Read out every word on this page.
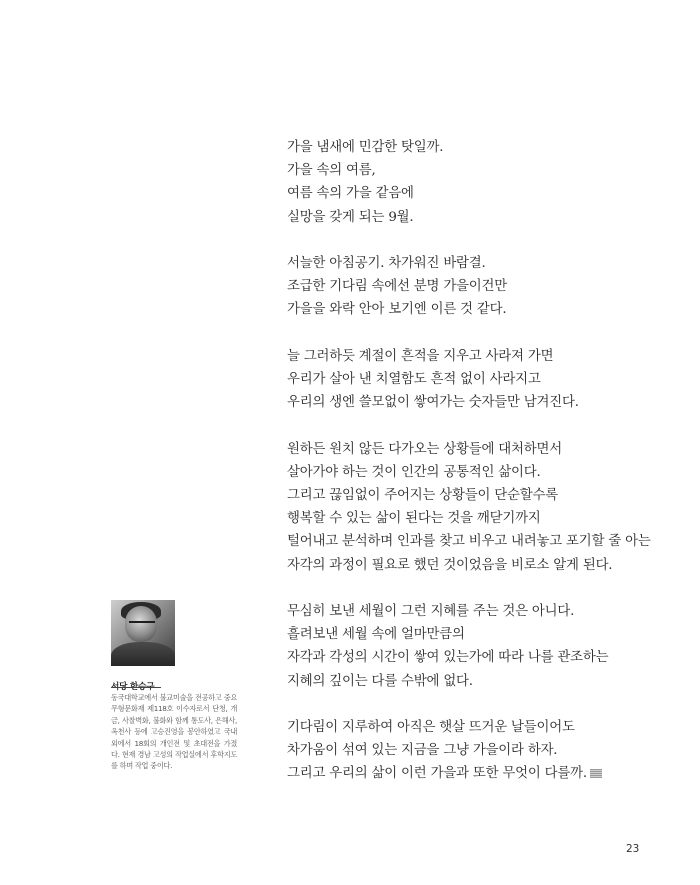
가을 냄새에 민감한 탓일까.
가을 속의 여름,
여름 속의 가을 같음에
실망을 갖게 되는 9월.
서늘한 아침공기. 차가워진 바람결.
조급한 기다림 속에선 분명 가을이건만
가을을 와락 안아 보기엔 이른 것 같다.
늘 그러하듯 계절이 흔적을 지우고 사라져 가면
우리가 살아 낸 치열함도 흔적 없이 사라지고
우리의 생엔 쓸모없이 쌓여가는 숫자들만 남겨진다.
원하든 원치 않든 다가오는 상황들에 대처하면서
살아가야 하는 것이 인간의 공통적인 삶이다.
그리고 끊임없이 주어지는 상황들이 단순할수록
행복할 수 있는 삶이 된다는 것을 깨닫기까지
털어내고 분석하며 인과를 찾고 비우고 내려놓고 포기할 줄 아는
자각의 과정이 필요로 했던 것이었음을 비로소 알게 된다.
무심히 보낸 세월이 그런 지혜를 주는 것은 아니다.
흘려보낸 세월 속에 얼마만큼의
자각과 각성의 시간이 쌓여 있는가에 따라 나를 관조하는
지혜의 깊이는 다를 수밖에 없다.
기다림이 지루하여 아직은 햇살 뜨거운 날들이어도
차가움이 섞여 있는 지금을 그냥 가을이라 하자.
그리고 우리의 삶이 이런 가을과 또한 무엇이 다를까.
서당 한승구
동국대학교에서 불교미술을 전공하고 중요무형문화재 제118호 이수자로서 단청, 개금, 사찰벽화, 불화와 함께 통도사, 은해사, 옥천사 등에 고승진영을 봉안하였고 국내외에서 18회의 개인전 및 초대전을 가졌다. 현재 경남 고성의 작업실에서 후학지도를 하며 작업 중이다.
23
